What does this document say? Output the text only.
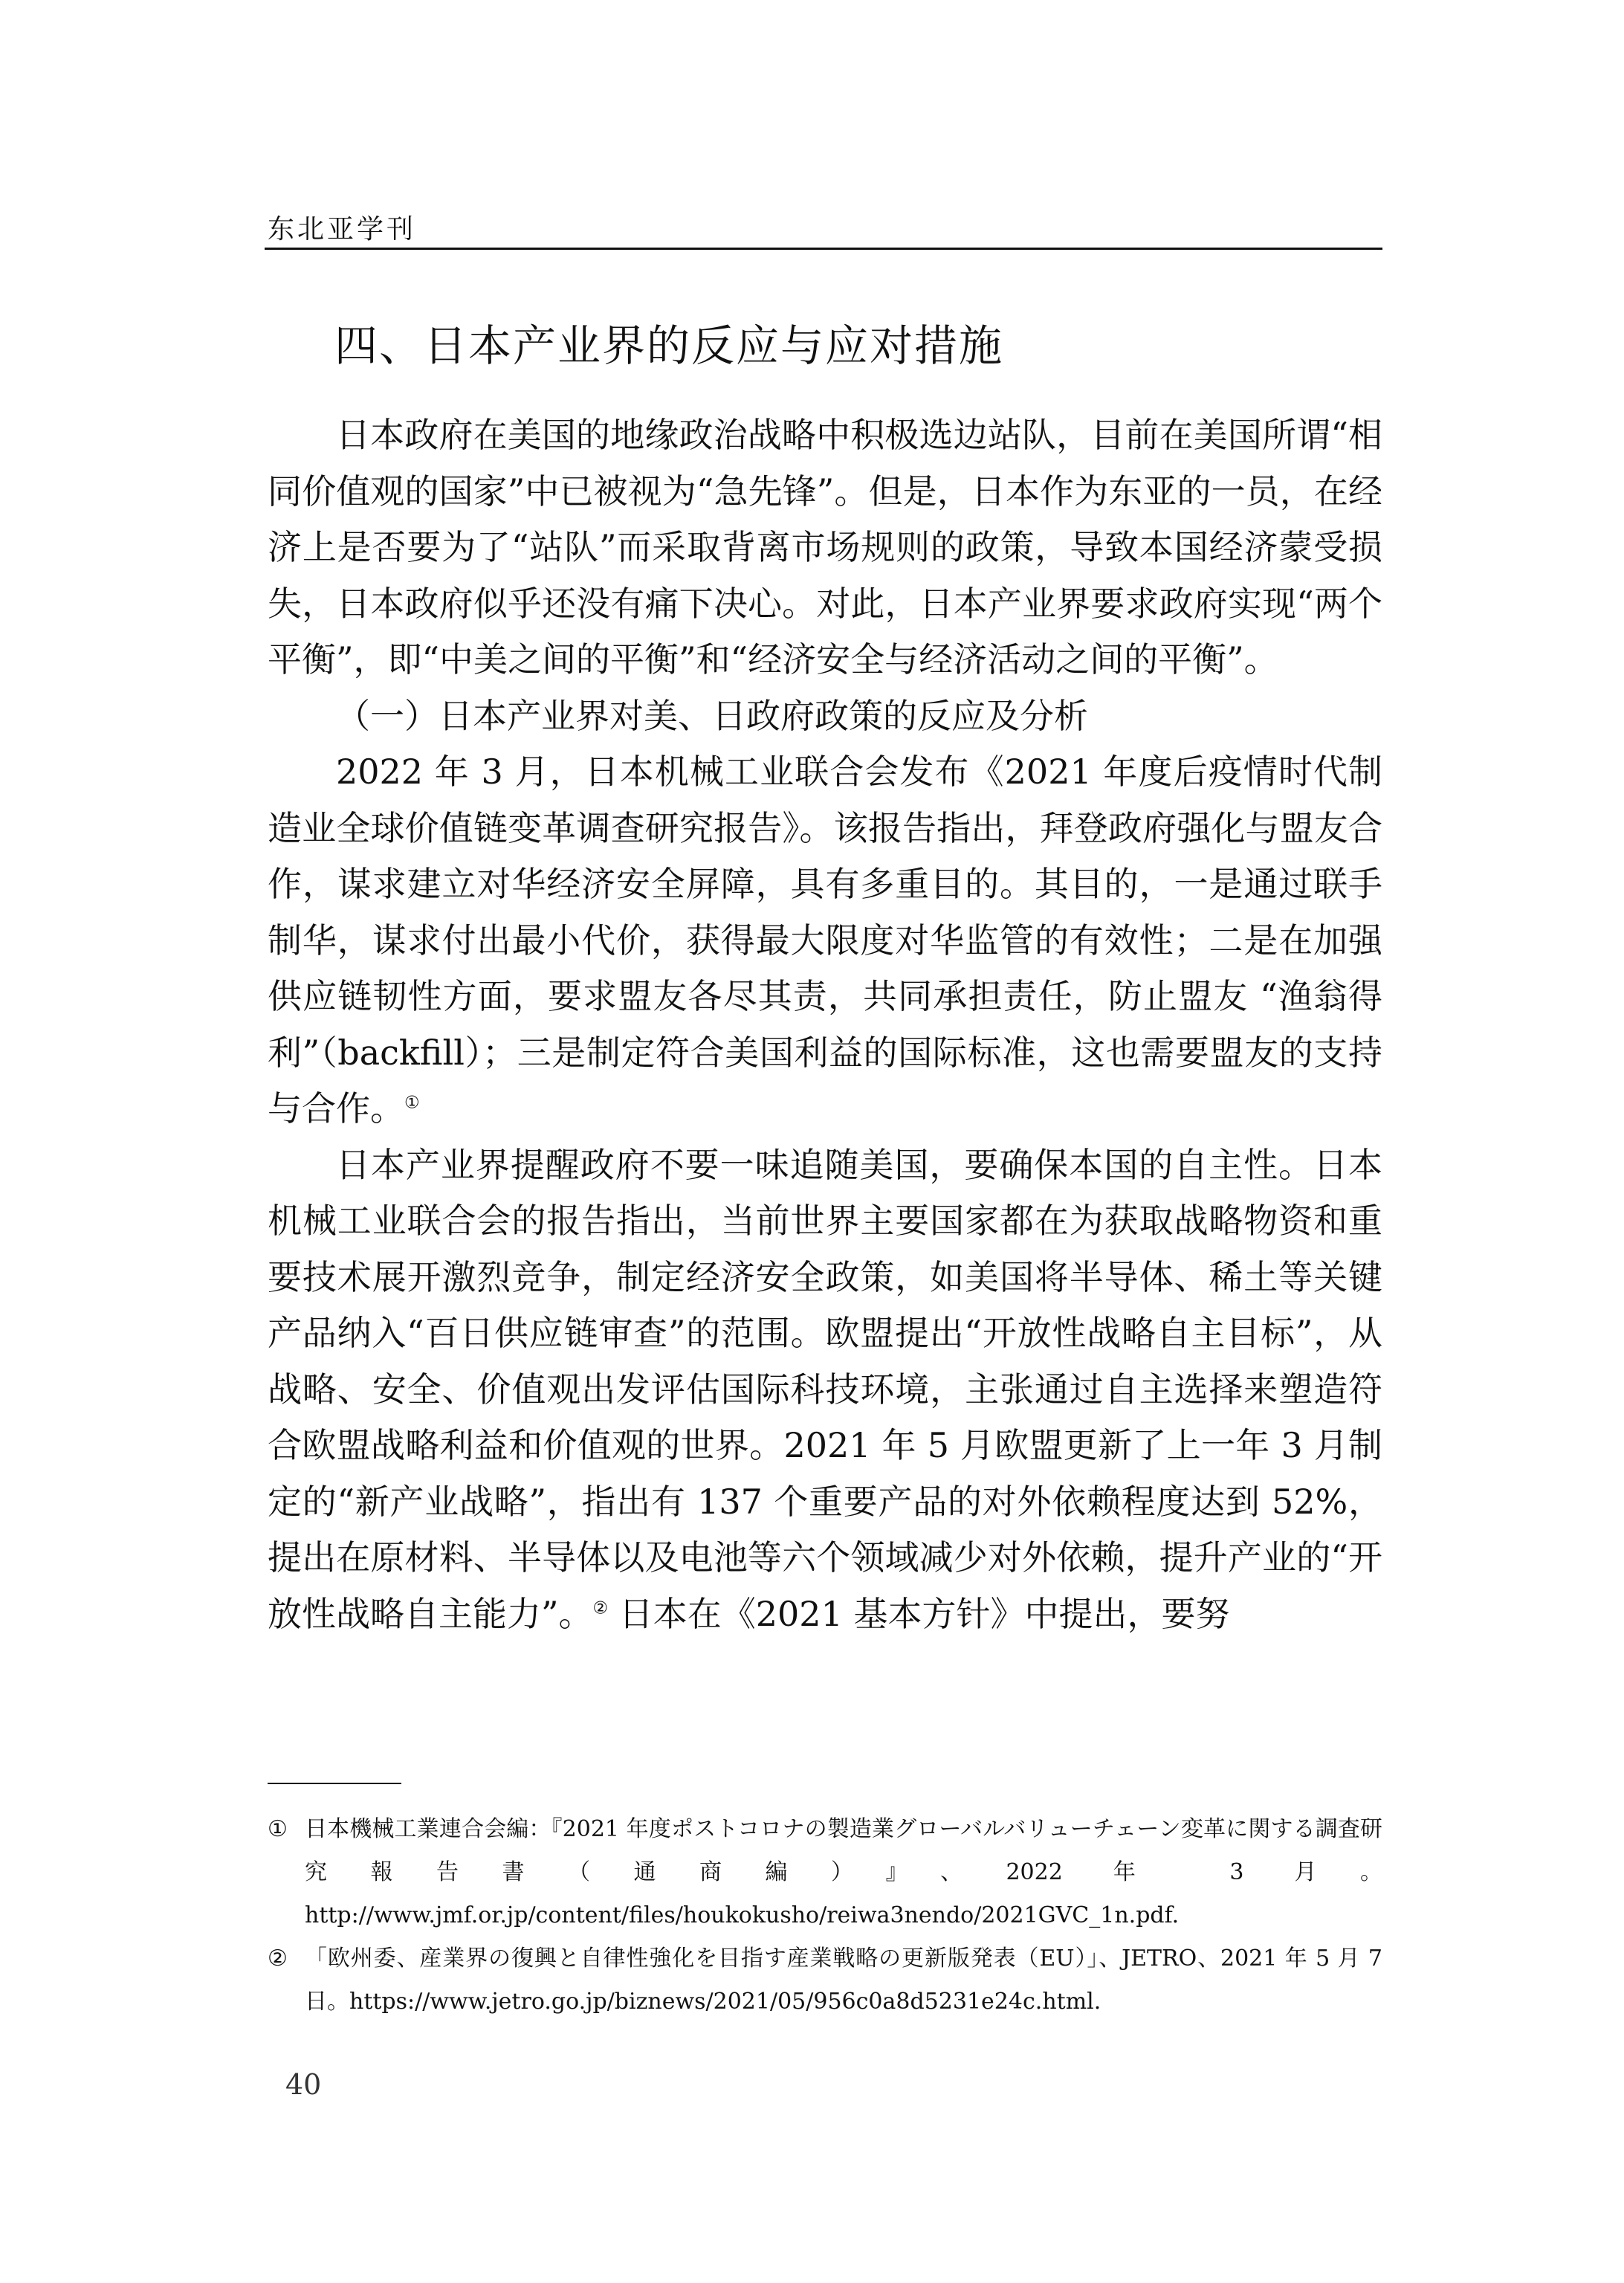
东北亚学刊
四、日本产业界的反应与应对措施

日本政府在美国的地缘政治战略中积极选边站队，目前在美国所谓“相同价值观的国家”中已被视为“急先锋”。但是，日本作为东亚的一员，在经济上是否要为了“站队”而采取背离市场规则的政策，导致本国经济蒙受损失，日本政府似乎还没有痛下决心。对此，日本产业界要求政府实现“两个平衡”，即“中美之间的平衡”和“经济安全与经济活动之间的平衡”。

（一）日本产业界对美、日政府政策的反应及分析

2022 年 3 月，日本机械工业联合会发布《2021 年度后疫情时代制造业全球价值链变革调查研究报告》。该报告指出，拜登政府强化与盟友合作，谋求建立对华经济安全屏障，具有多重目的。其目的，一是通过联手制华，谋求付出最小代价，获得最大限度对华监管的有效性；二是在加强供应链韧性方面，要求盟友各尽其责，共同承担责任，防止盟友 “渔翁得利”（backfill）；三是制定符合美国利益的国际标准，这也需要盟友的支持与合作。①

日本产业界提醒政府不要一味追随美国，要确保本国的自主性。日本机械工业联合会的报告指出，当前世界主要国家都在为获取战略物资和重要技术展开激烈竞争，制定经济安全政策，如美国将半导体、稀土等关键产品纳入“百日供应链审查”的范围。欧盟提出“开放性战略自主目标”，从战略、安全、价值观出发评估国际科技环境，主张通过自主选择来塑造符合欧盟战略利益和价值观的世界。2021 年 5 月欧盟更新了上一年 3 月制定的“新产业战略”，指出有 137 个重要产品的对外依赖程度达到 52%，提出在原材料、半导体以及电池等六个领域减少对外依赖，提升产业的“开放性战略自主能力”。② 日本在《2021 基本方针》中提出，要努

① 日本機械工業連合会編：『2021 年度ポストコロナの製造業グローバルバリューチェーン変革に関する調査研究報告書（通商編）』、2022 年 3 月。http://www.jmf.or.jp/content/files/houkokusho/reiwa3nendo/2021GVC_1n.pdf.
② 「欧州委、産業界の復興と自律性強化を目指す産業戦略の更新版発表（EU）」、JETRO、2021 年 5 月 7 日。https://www.jetro.go.jp/biznews/2021/05/956c0a8d5231e24c.html.
40
